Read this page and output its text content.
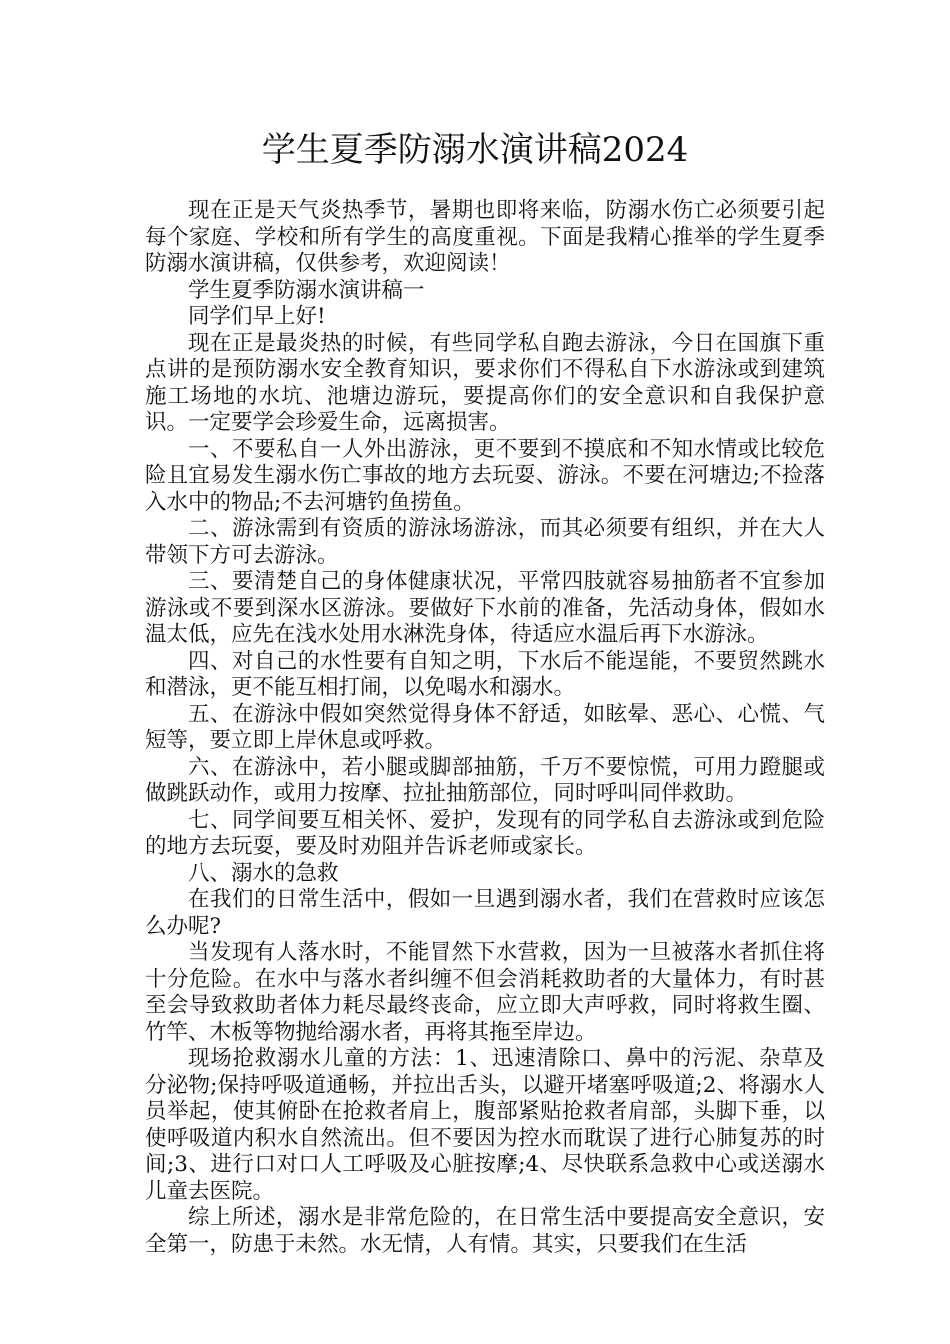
学生夏季防溺水演讲稿2024

现在正是天气炎热季节，暑期也即将来临，防溺水伤亡必须要引起每个家庭、学校和所有学生的高度重视。下面是我精心推举的学生夏季防溺水演讲稿，仅供参考，欢迎阅读！

学生夏季防溺水演讲稿一

同学们早上好!

现在正是最炎热的时候，有些同学私自跑去游泳，今日在国旗下重点讲的是预防溺水安全教育知识，要求你们不得私自下水游泳或到建筑施工场地的水坑、池塘边游玩，要提高你们的安全意识和自我保护意识。一定要学会珍爱生命，远离损害。

一、不要私自一人外出游泳，更不要到不摸底和不知水情或比较危险且宜易发生溺水伤亡事故的地方去玩耍、游泳。不要在河塘边;不捡落入水中的物品;不去河塘钓鱼捞鱼。

二、游泳需到有资质的游泳场游泳，而其必须要有组织，并在大人带领下方可去游泳。

三、要清楚自己的身体健康状况，平常四肢就容易抽筋者不宜参加游泳或不要到深水区游泳。要做好下水前的准备，先活动身体，假如水温太低，应先在浅水处用水淋洗身体，待适应水温后再下水游泳。

四、对自己的水性要有自知之明，下水后不能逞能，不要贸然跳水和潜泳，更不能互相打闹，以免喝水和溺水。

五、在游泳中假如突然觉得身体不舒适，如眩晕、恶心、心慌、气短等，要立即上岸休息或呼救。

六、在游泳中，若小腿或脚部抽筋，千万不要惊慌，可用力蹬腿或做跳跃动作，或用力按摩、拉扯抽筋部位，同时呼叫同伴救助。

七、同学间要互相关怀、爱护，发现有的同学私自去游泳或到危险的地方去玩耍，要及时劝阻并告诉老师或家长。

八、溺水的急救

在我们的日常生活中，假如一旦遇到溺水者，我们在营救时应该怎么办呢?

当发现有人落水时，不能冒然下水营救，因为一旦被落水者抓住将十分危险。在水中与落水者纠缠不但会消耗救助者的大量体力，有时甚至会导致救助者体力耗尽最终丧命，应立即大声呼救，同时将救生圈、竹竿、木板等物抛给溺水者，再将其拖至岸边。

现场抢救溺水儿童的方法：1、迅速清除口、鼻中的污泥、杂草及分泌物;保持呼吸道通畅，并拉出舌头，以避开堵塞呼吸道;2、将溺水人员举起，使其俯卧在抢救者肩上，腹部紧贴抢救者肩部，头脚下垂，以使呼吸道内积水自然流出。但不要因为控水而耽误了进行心肺复苏的时间;3、进行口对口人工呼吸及心脏按摩;4、尽快联系急救中心或送溺水儿童去医院。

综上所述，溺水是非常危险的，在日常生活中要提高安全意识，安全第一，防患于未然。水无情，人有情。其实，只要我们在生活
